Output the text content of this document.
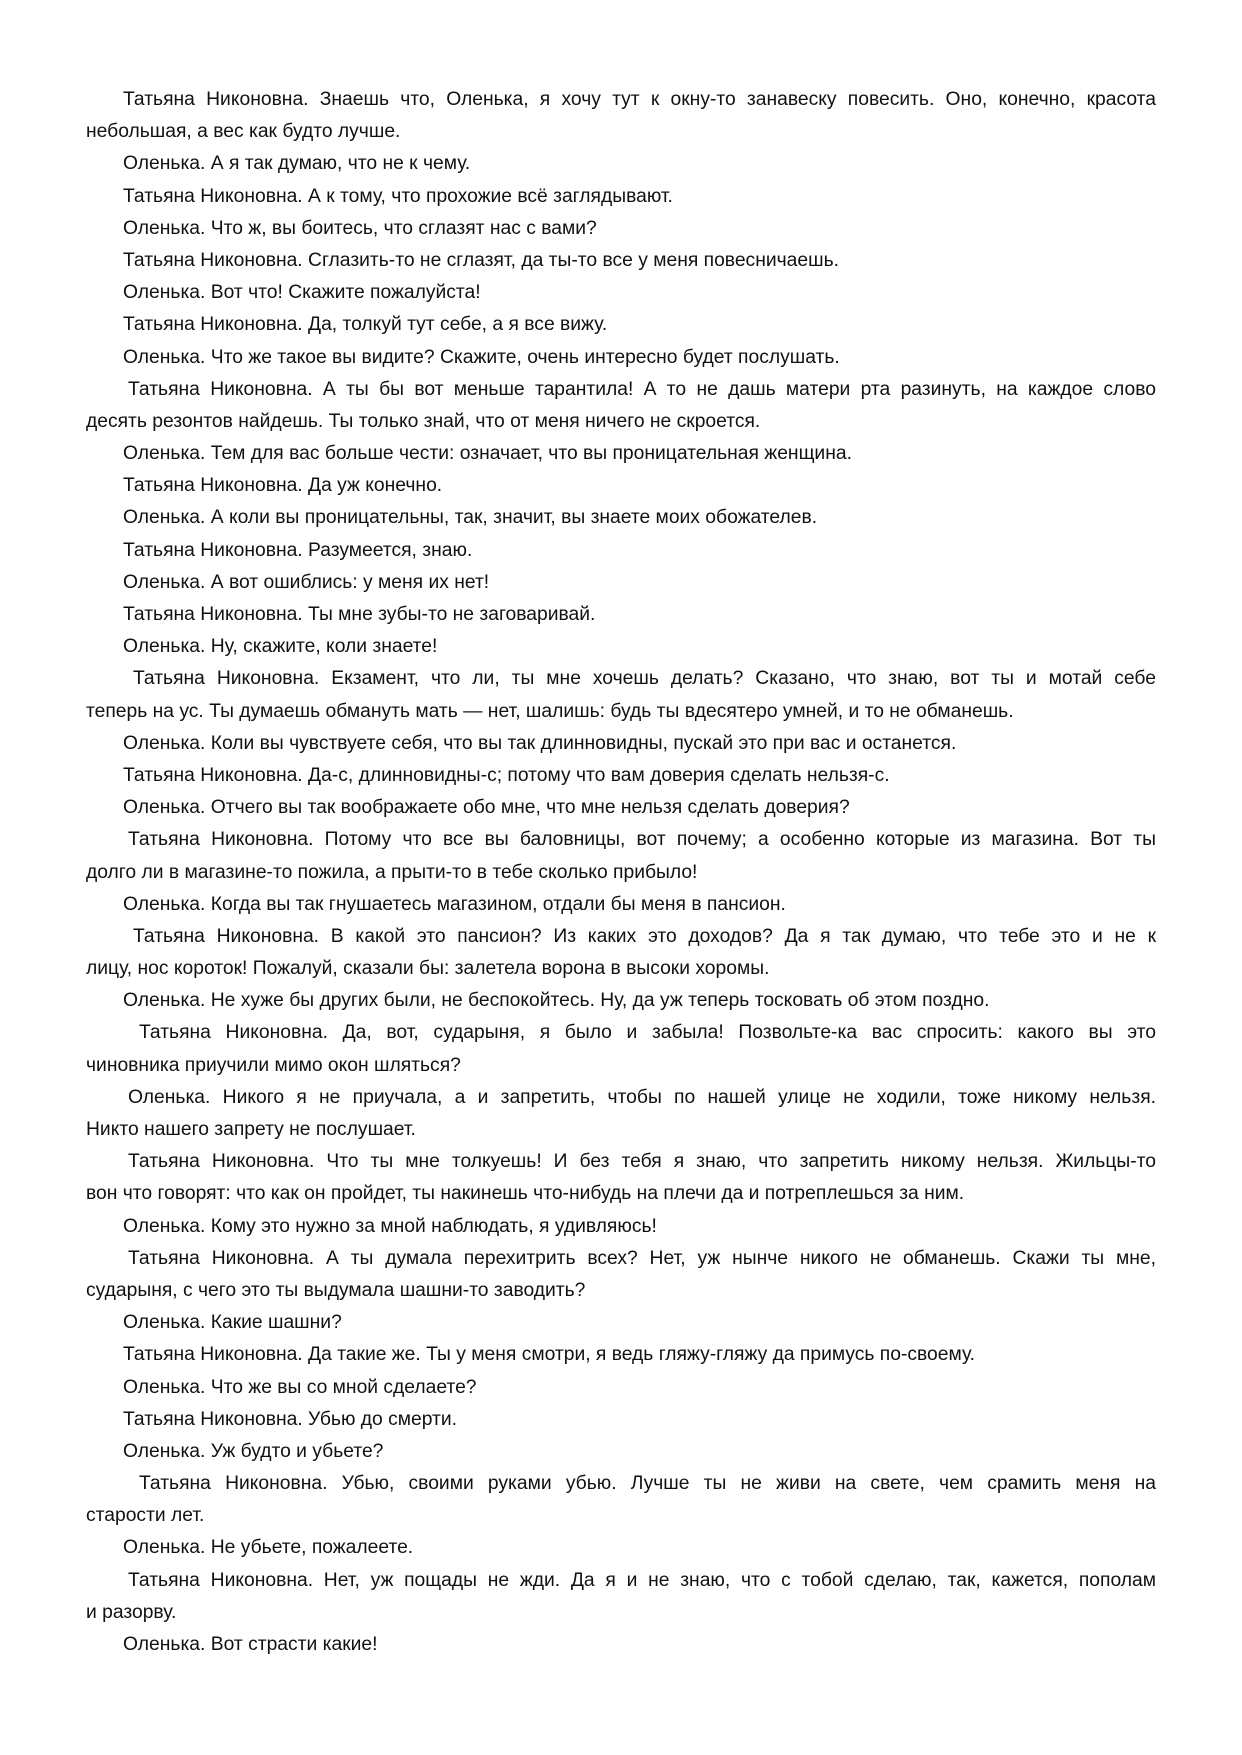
Татьяна Никоновна. Знаешь что, Оленька, я хочу тут к окну-то занавеску повесить. Оно, конечно, красота
небольшая, а вес как будто лучше.
Оленька. А я так думаю, что не к чему.
Татьяна Никоновна. А к тому, что прохожие всё заглядывают.
Оленька. Что ж, вы боитесь, что сглазят нас с вами?
Татьяна Никоновна. Сглазить-то не сглазят, да ты-то все у меня повесничаешь.
Оленька. Вот что! Скажите пожалуйста!
Татьяна Никоновна. Да, толкуй тут себе, а я все вижу.
Оленька. Что же такое вы видите? Скажите, очень интересно будет послушать.
Татьяна Никоновна. А ты бы вот меньше тарантила! А то не дашь матери рта разинуть, на каждое слово
десять резонтов найдешь. Ты только знай, что от меня ничего не скроется.
Оленька. Тем для вас больше чести: означает, что вы проницательная женщина.
Татьяна Никоновна. Да уж конечно.
Оленька. А коли вы проницательны, так, значит, вы знаете моих обожателев.
Татьяна Никоновна. Разумеется, знаю.
Оленька. А вот ошиблись: у меня их нет!
Татьяна Никоновна. Ты мне зубы-то не заговаривай.
Оленька. Ну, скажите, коли знаете!
Татьяна Никоновна. Екзамент, что ли, ты мне хочешь делать? Сказано, что знаю, вот ты и мотай себе
теперь на ус. Ты думаешь обмануть мать — нет, шалишь: будь ты вдесятеро умней, и то не обманешь.
Оленька. Коли вы чувствуете себя, что вы так длинновидны, пускай это при вас и останется.
Татьяна Никоновна. Да-с, длинновидны-с; потому что вам доверия сделать нельзя-с.
Оленька. Отчего вы так воображаете обо мне, что мне нельзя сделать доверия?
Татьяна Никоновна. Потому что все вы баловницы, вот почему; а особенно которые из магазина. Вот ты
долго ли в магазине-то пожила, а прыти-то в тебе сколько прибыло!
Оленька. Когда вы так гнушаетесь магазином, отдали бы меня в пансион.
Татьяна Никоновна. В какой это пансион? Из каких это доходов? Да я так думаю, что тебе это и не к
лицу, нос короток! Пожалуй, сказали бы: залетела ворона в высоки хоромы.
Оленька. Не хуже бы других были, не беспокойтесь. Ну, да уж теперь тосковать об этом поздно.
Татьяна Никоновна. Да, вот, сударыня, я было и забыла! Позвольте-ка вас спросить: какого вы это
чиновника приучили мимо окон шляться?
Оленька. Никого я не приучала, а и запретить, чтобы по нашей улице не ходили, тоже никому нельзя.
Никто нашего запрету не послушает.
Татьяна Никоновна. Что ты мне толкуешь! И без тебя я знаю, что запретить никому нельзя. Жильцы-то
вон что говорят: что как он пройдет, ты накинешь что-нибудь на плечи да и потреплешься за ним.
Оленька. Кому это нужно за мной наблюдать, я удивляюсь!
Татьяна Никоновна. А ты думала перехитрить всех? Нет, уж нынче никого не обманешь. Скажи ты мне,
сударыня, с чего это ты выдумала шашни-то заводить?
Оленька. Какие шашни?
Татьяна Никоновна. Да такие же. Ты у меня смотри, я ведь гляжу-гляжу да примусь по-своему.
Оленька. Что же вы со мной сделаете?
Татьяна Никоновна. Убью до смерти.
Оленька. Уж будто и убьете?
Татьяна Никоновна. Убью, своими руками убью. Лучше ты не живи на свете, чем срамить меня на
старости лет.
Оленька. Не убьете, пожалеете.
Татьяна Никоновна. Нет, уж пощады не жди. Да я и не знаю, что с тобой сделаю, так, кажется, пополам
и разорву.
Оленька. Вот страсти какие!
